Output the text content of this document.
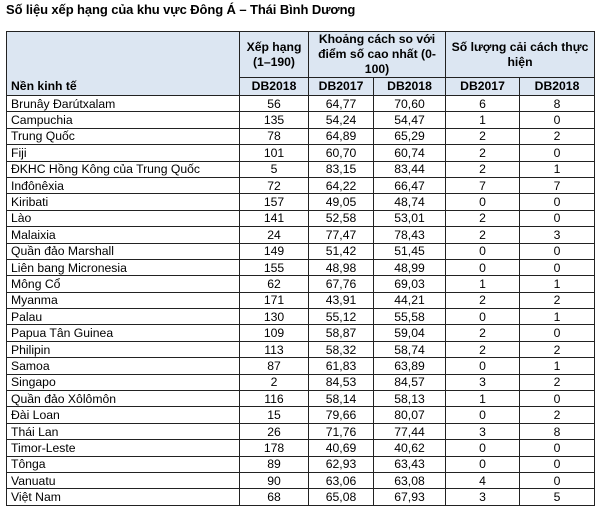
Số liệu xếp hạng của khu vực Đông Á – Thái Bình Dương
Nền kinh tế	Xếp hạng (1–190)	Khoảng cách so với điểm số cao nhất (0-100)		Số lượng cải cách thực hiện	
	DB2018	DB2017	DB2018	DB2017	DB2018
Brunây Đarútxalam	56	64,77	70,60	6	8
Campuchia	135	54,24	54,47	1	0
Trung Quốc	78	64,89	65,29	2	2
Fiji	101	60,70	60,74	2	0
ĐKHC Hồng Kông của Trung Quốc	5	83,15	83,44	2	1
Inđônêxia	72	64,22	66,47	7	7
Kiribati	157	49,05	48,74	0	0
Lào	141	52,58	53,01	2	0
Malaixia	24	77,47	78,43	2	3
Quần đảo Marshall	149	51,42	51,45	0	0
Liên bang Micronesia	155	48,98	48,99	0	0
Mông Cổ	62	67,76	69,03	1	1
Myanma	171	43,91	44,21	2	2
Palau	130	55,12	55,58	0	1
Papua Tân Guinea	109	58,87	59,04	2	0
Philipin	113	58,32	58,74	2	2
Samoa	87	61,83	63,89	0	1
Singapo	2	84,53	84,57	3	2
Quần đảo Xôlômôn	116	58,14	58,13	1	0
Đài Loan	15	79,66	80,07	0	2
Thái Lan	26	71,76	77,44	3	8
Timor-Leste	178	40,69	40,62	0	0
Tônga	89	62,93	63,43	0	0
Vanuatu	90	63,06	63,08	4	0
Việt Nam	68	65,08	67,93	3	5
